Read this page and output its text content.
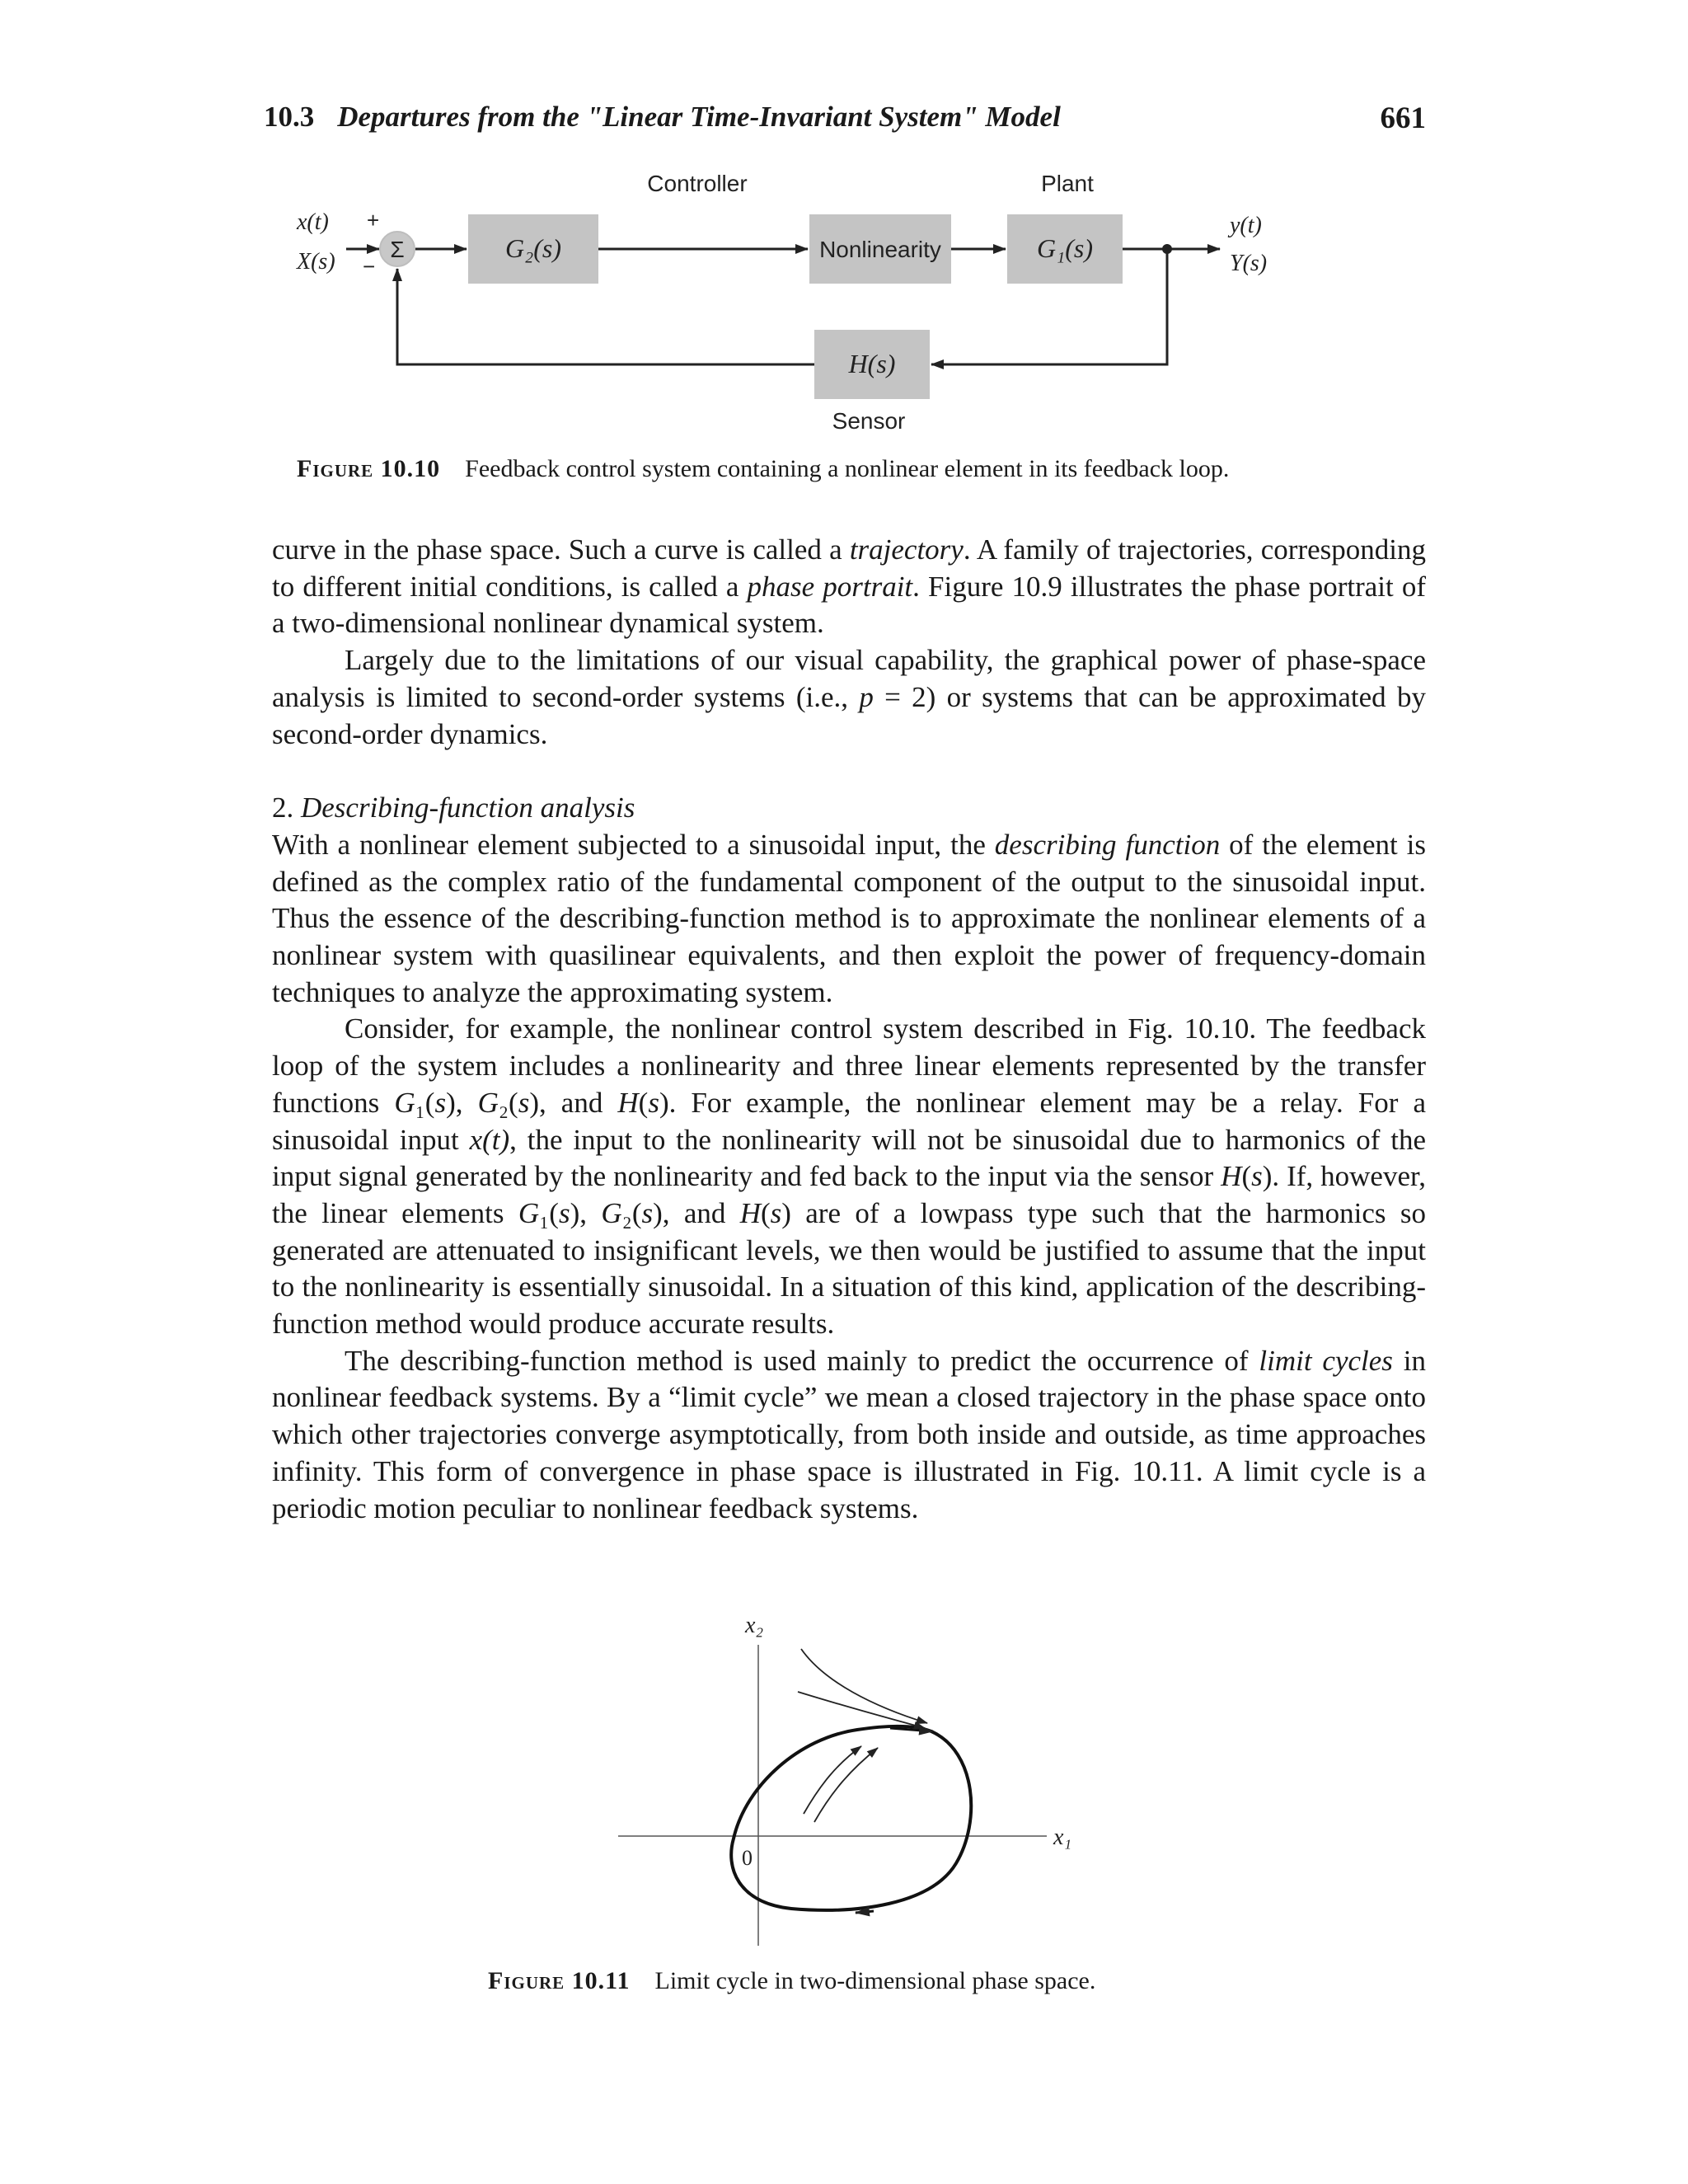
10.3 Departures from the "Linear Time-Invariant System" Model	661
Controller	Plant
Sensor
x(t)
X(s)
+
−
y(t)
Y(s)
Σ	G₂(s)	Nonlinearity	G₁(s)
H(s)
Figure 10.10 Feedback control system containing a nonlinear element in its feedback loop.

curve in the phase space. Such a curve is called a trajectory. A family of trajectories, corresponding to different initial conditions, is called a phase portrait. Figure 10.9 illustrates the phase portrait of a two-dimensional nonlinear dynamical system.

Largely due to the limitations of our visual capability, the graphical power of phase-space analysis is limited to second-order systems (i.e., p = 2) or systems that can be approximated by second-order dynamics.

2. Describing-function analysis

With a nonlinear element subjected to a sinusoidal input, the describing function of the element is defined as the complex ratio of the fundamental component of the output to the sinusoidal input. Thus the essence of the describing-function method is to approximate the nonlinear elements of a nonlinear system with quasilinear equivalents, and then exploit the power of frequency-domain techniques to analyze the approximating system.

Consider, for example, the nonlinear control system described in Fig. 10.10. The feedback loop of the system includes a nonlinearity and three linear elements represented by the transfer functions G₁(s), G₂(s), and H(s). For example, the nonlinear element may be a relay. For a sinusoidal input x(t), the input to the nonlinearity will not be sinusoidal due to harmonics of the input signal generated by the nonlinearity and fed back to the input via the sensor H(s). If, however, the linear elements G₁(s), G₂(s), and H(s) are of a lowpass type such that the harmonics so generated are attenuated to insignificant levels, we then would be justified to assume that the input to the nonlinearity is essentially sinusoidal. In a situation of this kind, application of the describing-function method would produce accurate results.

The describing-function method is used mainly to predict the occurrence of limit cycles in nonlinear feedback systems. By a “limit cycle” we mean a closed trajectory in the phase space onto which other trajectories converge asymptotically, from both inside and outside, as time approaches infinity. This form of convergence in phase space is illustrated in Fig. 10.11. A limit cycle is a periodic motion peculiar to nonlinear feedback systems.

x₂
x₁
0
Figure 10.11 Limit cycle in two-dimensional phase space.
